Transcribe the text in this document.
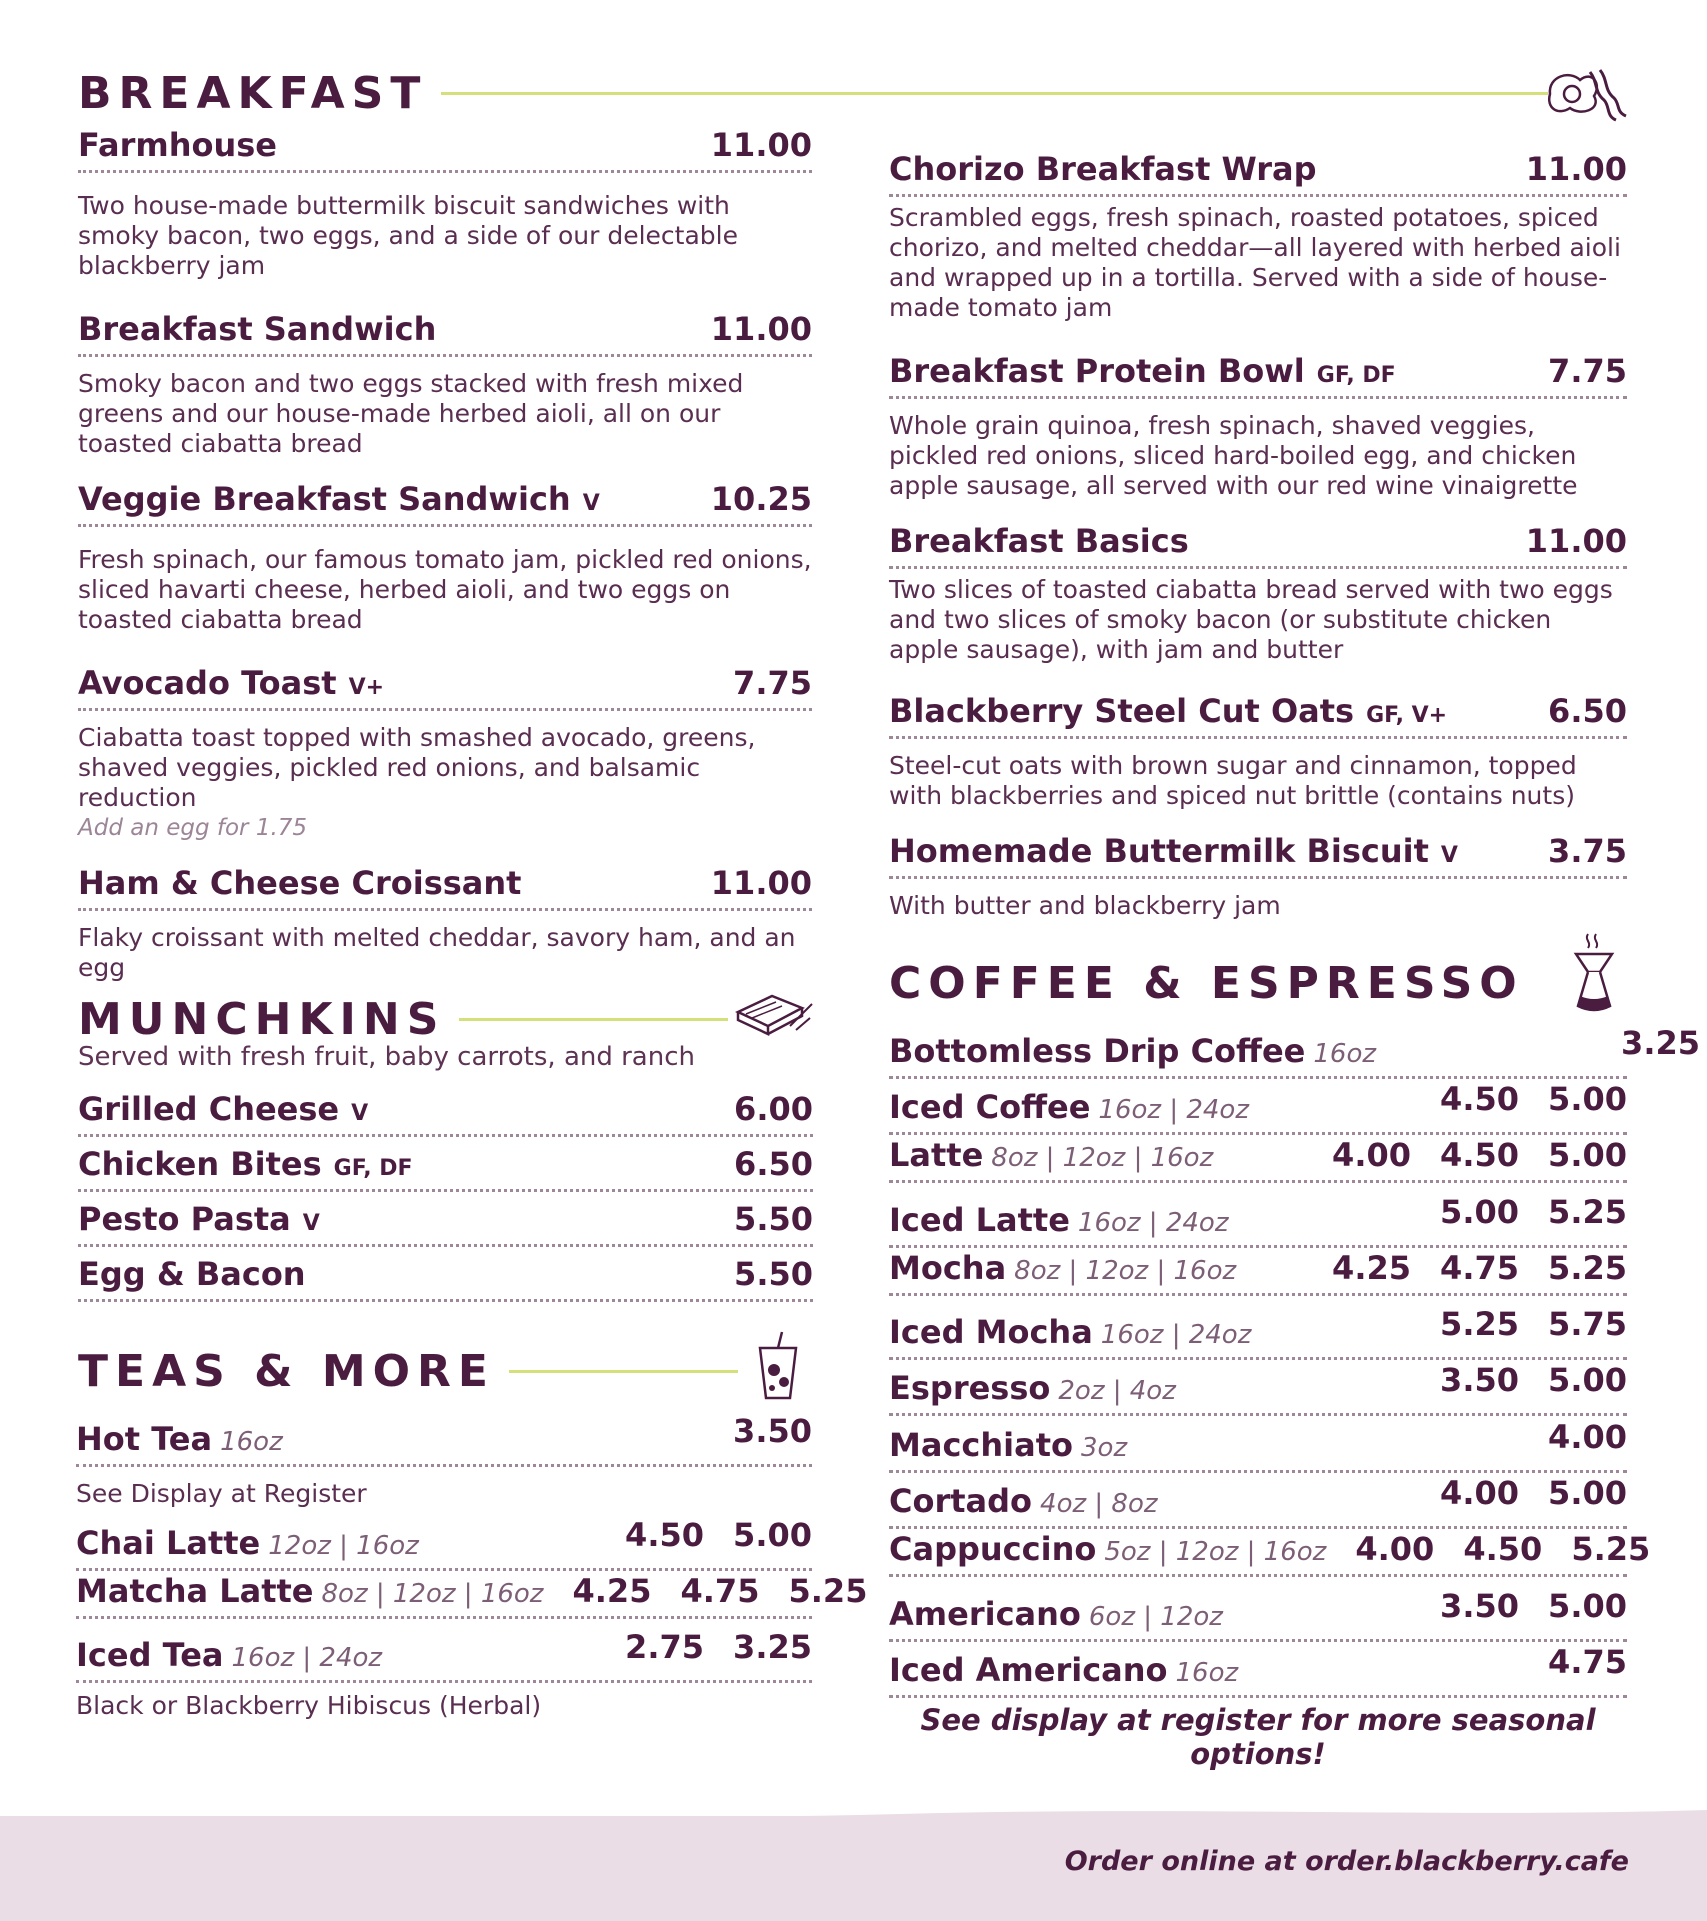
BREAKFAST
Farmhouse	11.00
Two house-made buttermilk biscuit sandwiches with smoky bacon, two eggs, and a side of our delectable blackberry jam
Breakfast Sandwich	11.00
Smoky bacon and two eggs stacked with fresh mixed greens and our house-made herbed aioli, all on our toasted ciabatta bread
Veggie Breakfast Sandwich V	10.25
Fresh spinach, our famous tomato jam, pickled red onions, sliced havarti cheese, herbed aioli, and two eggs on toasted ciabatta bread
Avocado Toast V+	7.75
Ciabatta toast topped with smashed avocado, greens, shaved veggies, pickled red onions, and balsamic reduction
Add an egg for 1.75
Ham & Cheese Croissant	11.00
Flaky croissant with melted cheddar, savory ham, and an egg
Chorizo Breakfast Wrap	11.00
Scrambled eggs, fresh spinach, roasted potatoes, spiced chorizo, and melted cheddar—all layered with herbed aioli and wrapped up in a tortilla. Served with a side of house-made tomato jam
Breakfast Protein Bowl GF, DF	7.75
Whole grain quinoa, fresh spinach, shaved veggies, pickled red onions, sliced hard-boiled egg, and chicken apple sausage, all served with our red wine vinaigrette
Breakfast Basics	11.00
Two slices of toasted ciabatta bread served with two eggs and two slices of smoky bacon (or substitute chicken apple sausage), with jam and butter
Blackberry Steel Cut Oats GF, V+	6.50
Steel-cut oats with brown sugar and cinnamon, topped with blackberries and spiced nut brittle (contains nuts)
Homemade Buttermilk Biscuit V	3.75
With butter and blackberry jam
MUNCHKINS
Served with fresh fruit, baby carrots, and ranch
Grilled Cheese V	6.00
Chicken Bites GF, DF	6.50
Pesto Pasta V	5.50
Egg & Bacon	5.50
TEAS & MORE
Hot Tea 16oz	3.50
See Display at Register
Chai Latte 12oz | 16oz	4.50 5.00
Matcha Latte 8oz | 12oz | 16oz 4.25 4.75 5.25
Iced Tea 16oz | 24oz	2.75 3.25
Black or Blackberry Hibiscus (Herbal)
COFFEE & ESPRESSO
Bottomless Drip Coffee 16oz	3.25
Iced Coffee 16oz | 24oz	4.50 5.00
Latte 8oz | 12oz | 16oz	4.00 4.50 5.00
Iced Latte 16oz | 24oz	5.00 5.25
Mocha 8oz | 12oz | 16oz	4.25 4.75 5.25
Iced Mocha 16oz | 24oz	5.25 5.75
Espresso 2oz | 4oz	3.50 5.00
Macchiato 3oz	4.00
Cortado 4oz | 8oz	4.00 5.00
Cappuccino 5oz | 12oz | 16oz 4.00 4.50 5.25
Americano 6oz | 12oz	3.50 5.00
Iced Americano 16oz	4.75
See display at register for more seasonal options!
Order online at order.blackberry.cafe
